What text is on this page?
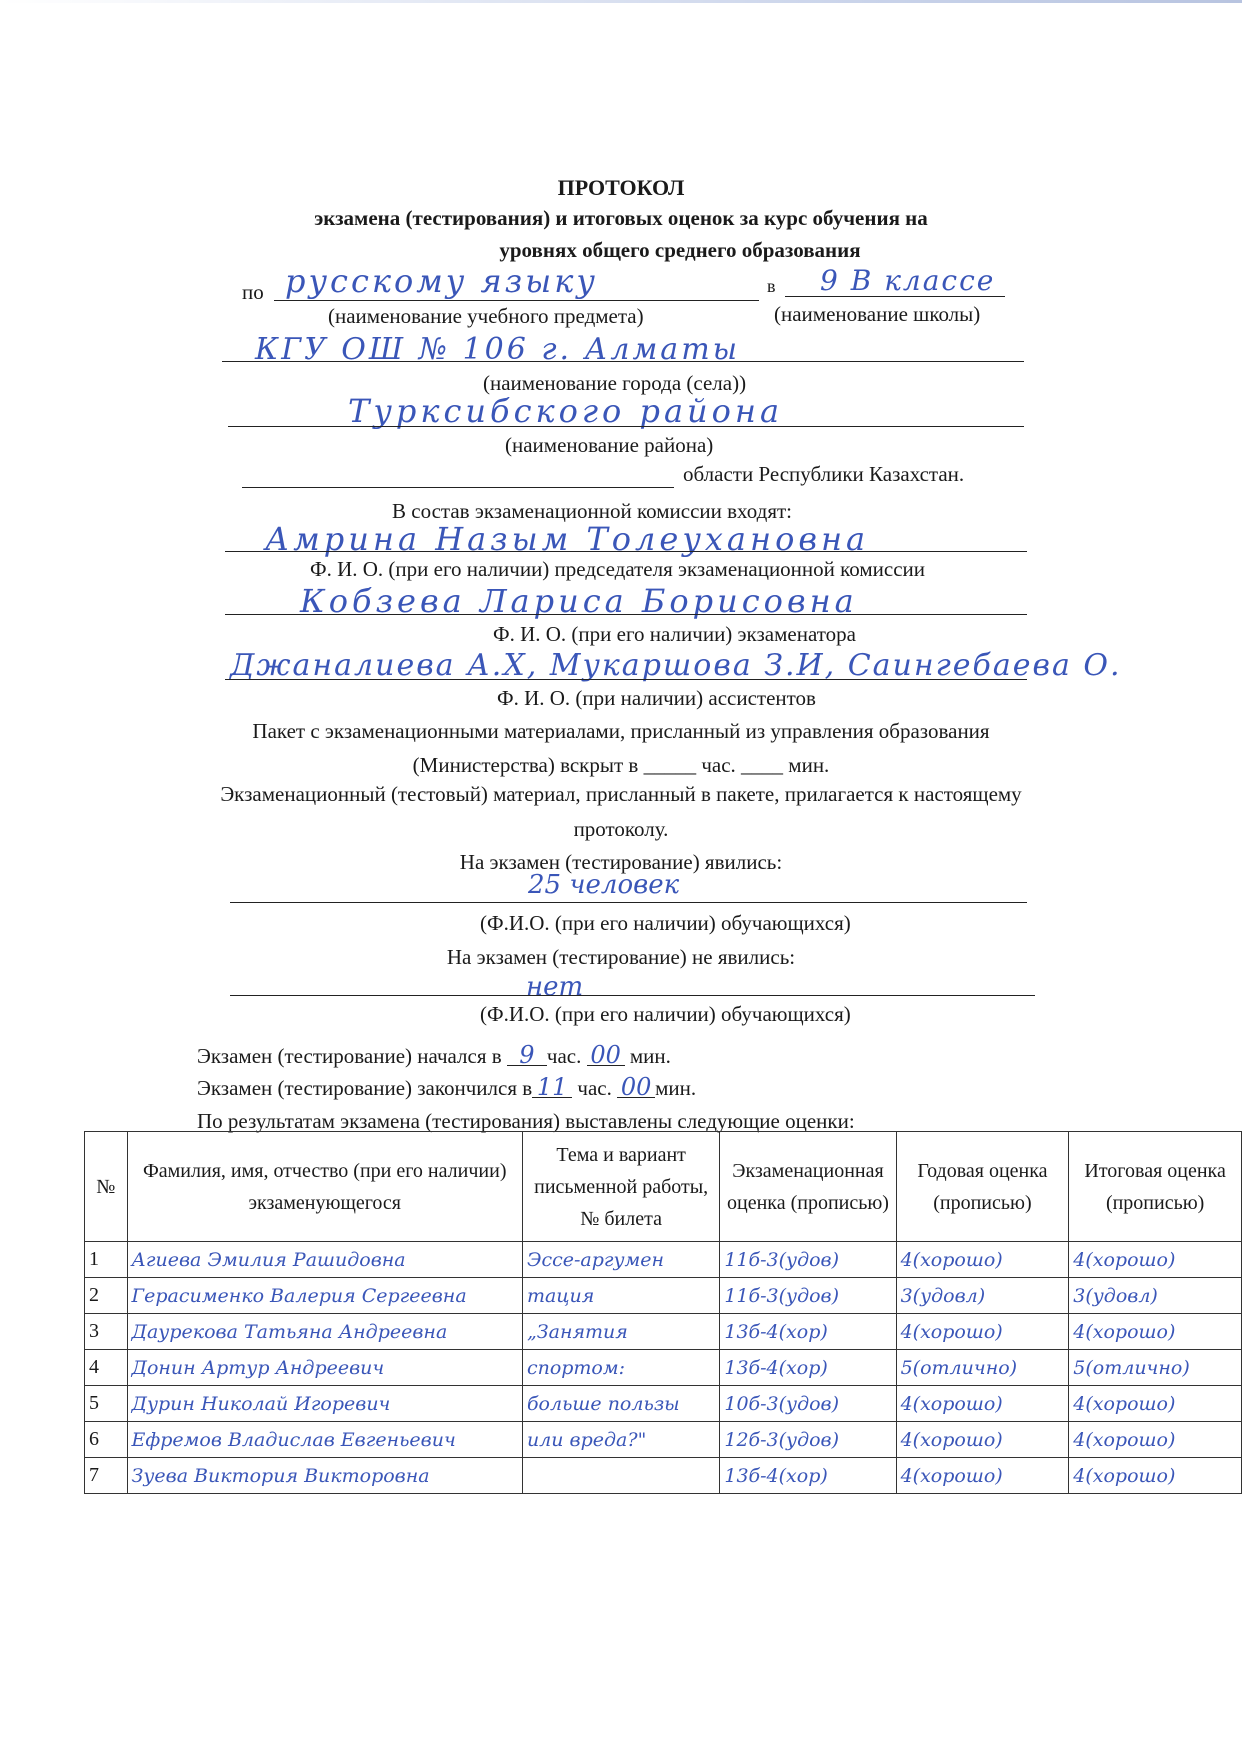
ПРОТОКОЛ
экзамена (тестирования) и итоговых оценок за курс обучения на
уровнях общего среднего образования
по русскому языку	в 9 В классе
(наименование учебного предмета)	(наименование школы)
КГУ ОШ № 106 г. Алматы
(наименование города (села))
Турксибского района
(наименование района)
области Республики Казахстан.
В состав экзаменационной комиссии входят:
Амрина Назым Толеухановна
Ф. И. О. (при его наличии) председателя экзаменационной комиссии
Кобзева Лариса Борисовна
Ф. И. О. (при его наличии) экзаменатора
Джаналиева А.Х, Мукаршова З.И, Саингебаева О.
Ф. И. О. (при наличии) ассистентов
Пакет с экзаменационными материалами, присланный из управления образования
(Министерства) вскрыт в _____ час. ____ мин.
Экзаменационный (тестовый) материал, присланный в пакете, прилагается к настоящему
протоколу.
На экзамен (тестирование) явились:
25 человек
(Ф.И.О. (при его наличии) обучающихся)
На экзамен (тестирование) не явились:
нет
(Ф.И.О. (при его наличии) обучающихся)
Экзамен (тестирование) начался в 9 час. 00 мин.
Экзамен (тестирование) закончился в 11 час. 00 мин.
По результатам экзамена (тестирования) выставлены следующие оценки:
№	Фамилия, имя, отчество (при его наличии) экзаменующегося	Тема и вариант письменной работы, № билета	Экзаменационная оценка (прописью)	Годовая оценка (прописью)	Итоговая оценка (прописью)
1	Агиева Эмилия Рашидовна	Эссе-аргумен	11б-3(удов)	4(хорошо)	4(хорошо)
2	Герасименко Валерия Сергеевна	тация	11б-3(удов)	3(удовл)	3(удовл)
3	Даурекова Татьяна Андреевна	„Занятия	13б-4(хор)	4(хорошо)	4(хорошо)
4	Донин Артур Андреевич	спортом:	13б-4(хор)	5(отлично)	5(отлично)
5	Дурин Николай Игоревич	больше пользы	10б-3(удов)	4(хорошо)	4(хорошо)
6	Ефремов Владислав Евгеньевич	или вреда?"	12б-3(удов)	4(хорошо)	4(хорошо)
7	Зуева Виктория Викторовна		13б-4(хор)	4(хорошо)	4(хорошо)
